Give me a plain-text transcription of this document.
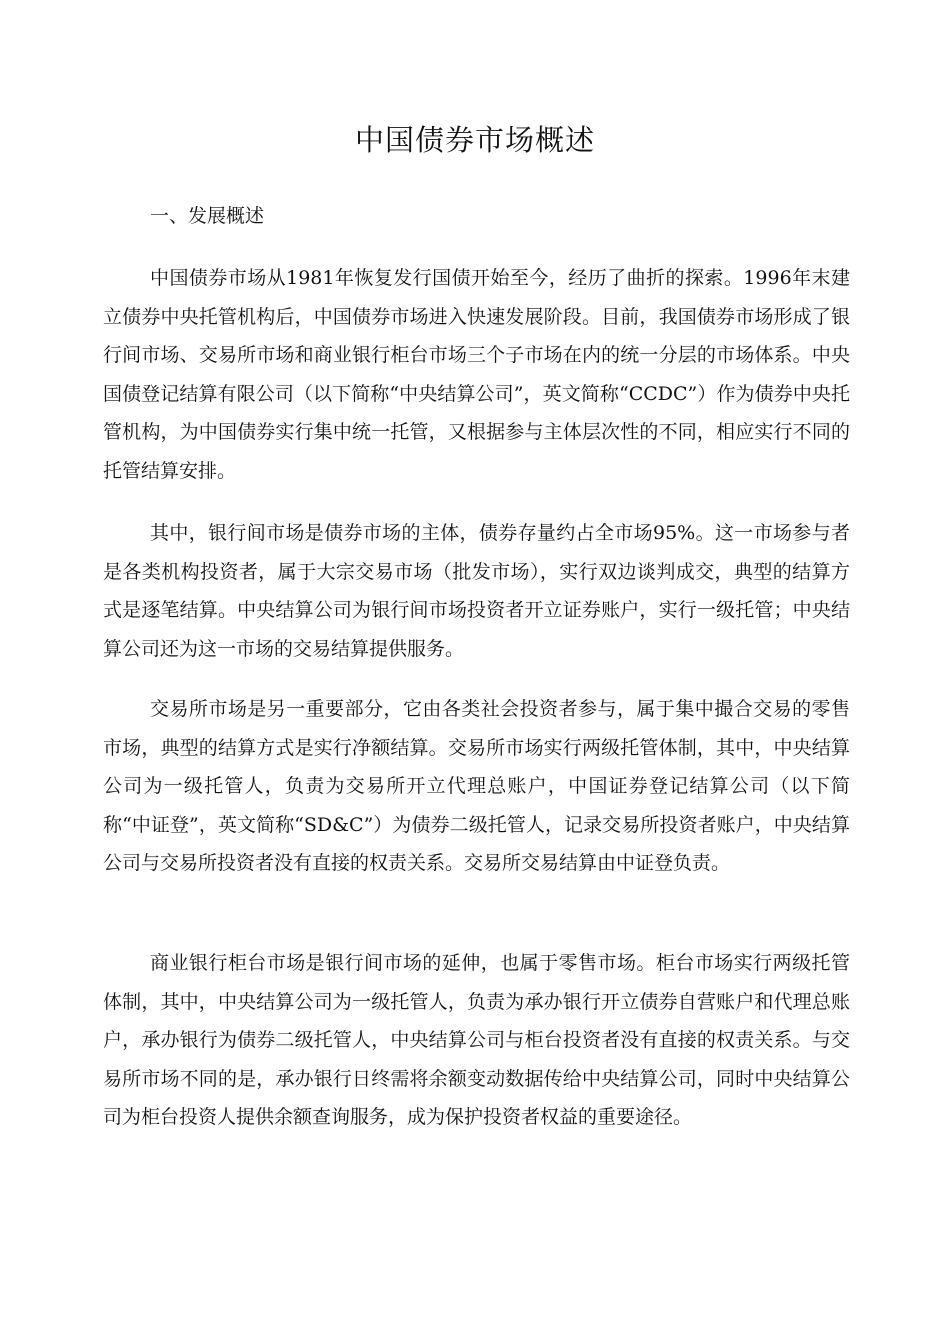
中国债券市场概述
一、发展概述

中国债券市场从1981年恢复发行国债开始至今，经历了曲折的探索。1996年末建立债券中央托管机构后，中国债券市场进入快速发展阶段。目前，我国债券市场形成了银行间市场、交易所市场和商业银行柜台市场三个子市场在内的统一分层的市场体系。中央国债登记结算有限公司（以下简称“中央结算公司”，英文简称“CCDC”）作为债券中央托管机构，为中国债券实行集中统一托管，又根据参与主体层次性的不同，相应实行不同的托管结算安排。

其中，银行间市场是债券市场的主体，债券存量约占全市场95%。这一市场参与者是各类机构投资者，属于大宗交易市场（批发市场），实行双边谈判成交，典型的结算方式是逐笔结算。中央结算公司为银行间市场投资者开立证券账户，实行一级托管；中央结算公司还为这一市场的交易结算提供服务。

交易所市场是另一重要部分，它由各类社会投资者参与，属于集中撮合交易的零售市场，典型的结算方式是实行净额结算。交易所市场实行两级托管体制，其中，中央结算公司为一级托管人，负责为交易所开立代理总账户，中国证券登记结算公司（以下简称“中证登”，英文简称“SD&C”）为债券二级托管人，记录交易所投资者账户，中央结算公司与交易所投资者没有直接的权责关系。交易所交易结算由中证登负责。

商业银行柜台市场是银行间市场的延伸，也属于零售市场。柜台市场实行两级托管体制，其中，中央结算公司为一级托管人，负责为承办银行开立债券自营账户和代理总账户，承办银行为债券二级托管人，中央结算公司与柜台投资者没有直接的权责关系。与交易所市场不同的是，承办银行日终需将余额变动数据传给中央结算公司，同时中央结算公司为柜台投资人提供余额查询服务，成为保护投资者权益的重要途径。
